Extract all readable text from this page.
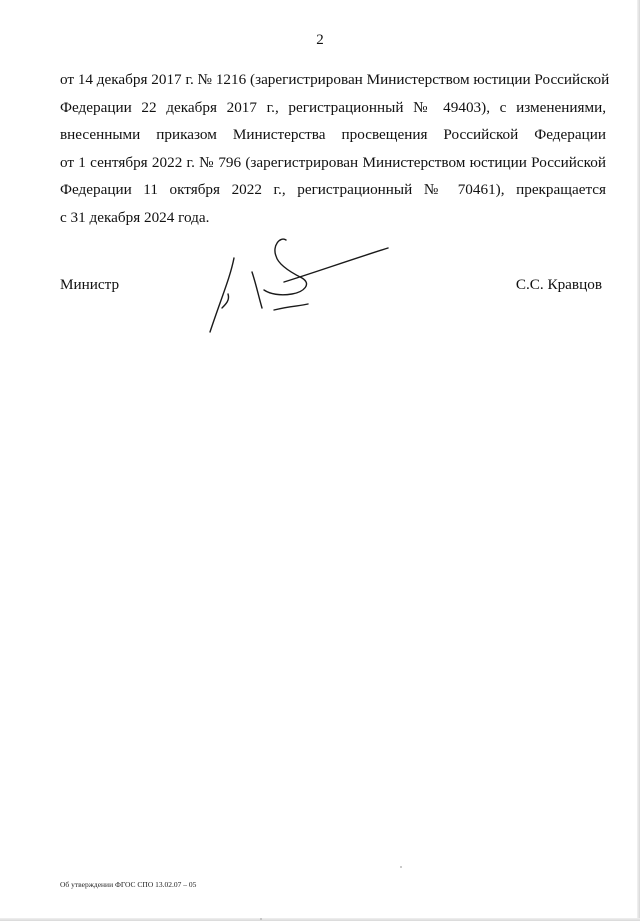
2
от 14 декабря 2017 г. № 1216 (зарегистрирован Министерством юстиции Российской
Федерации 22 декабря 2017 г., регистрационный № 49403), с изменениями,
внесенными приказом Министерства просвещения Российской Федерации
от 1 сентября 2022 г. № 796 (зарегистрирован Министерством юстиции Российской
Федерации 11 октября 2022 г., регистрационный № 70461), прекращается
с 31 декабря 2024 года.
Министр	С.С. Кравцов
Об утверждении ФГОС СПО 13.02.07 – 05
